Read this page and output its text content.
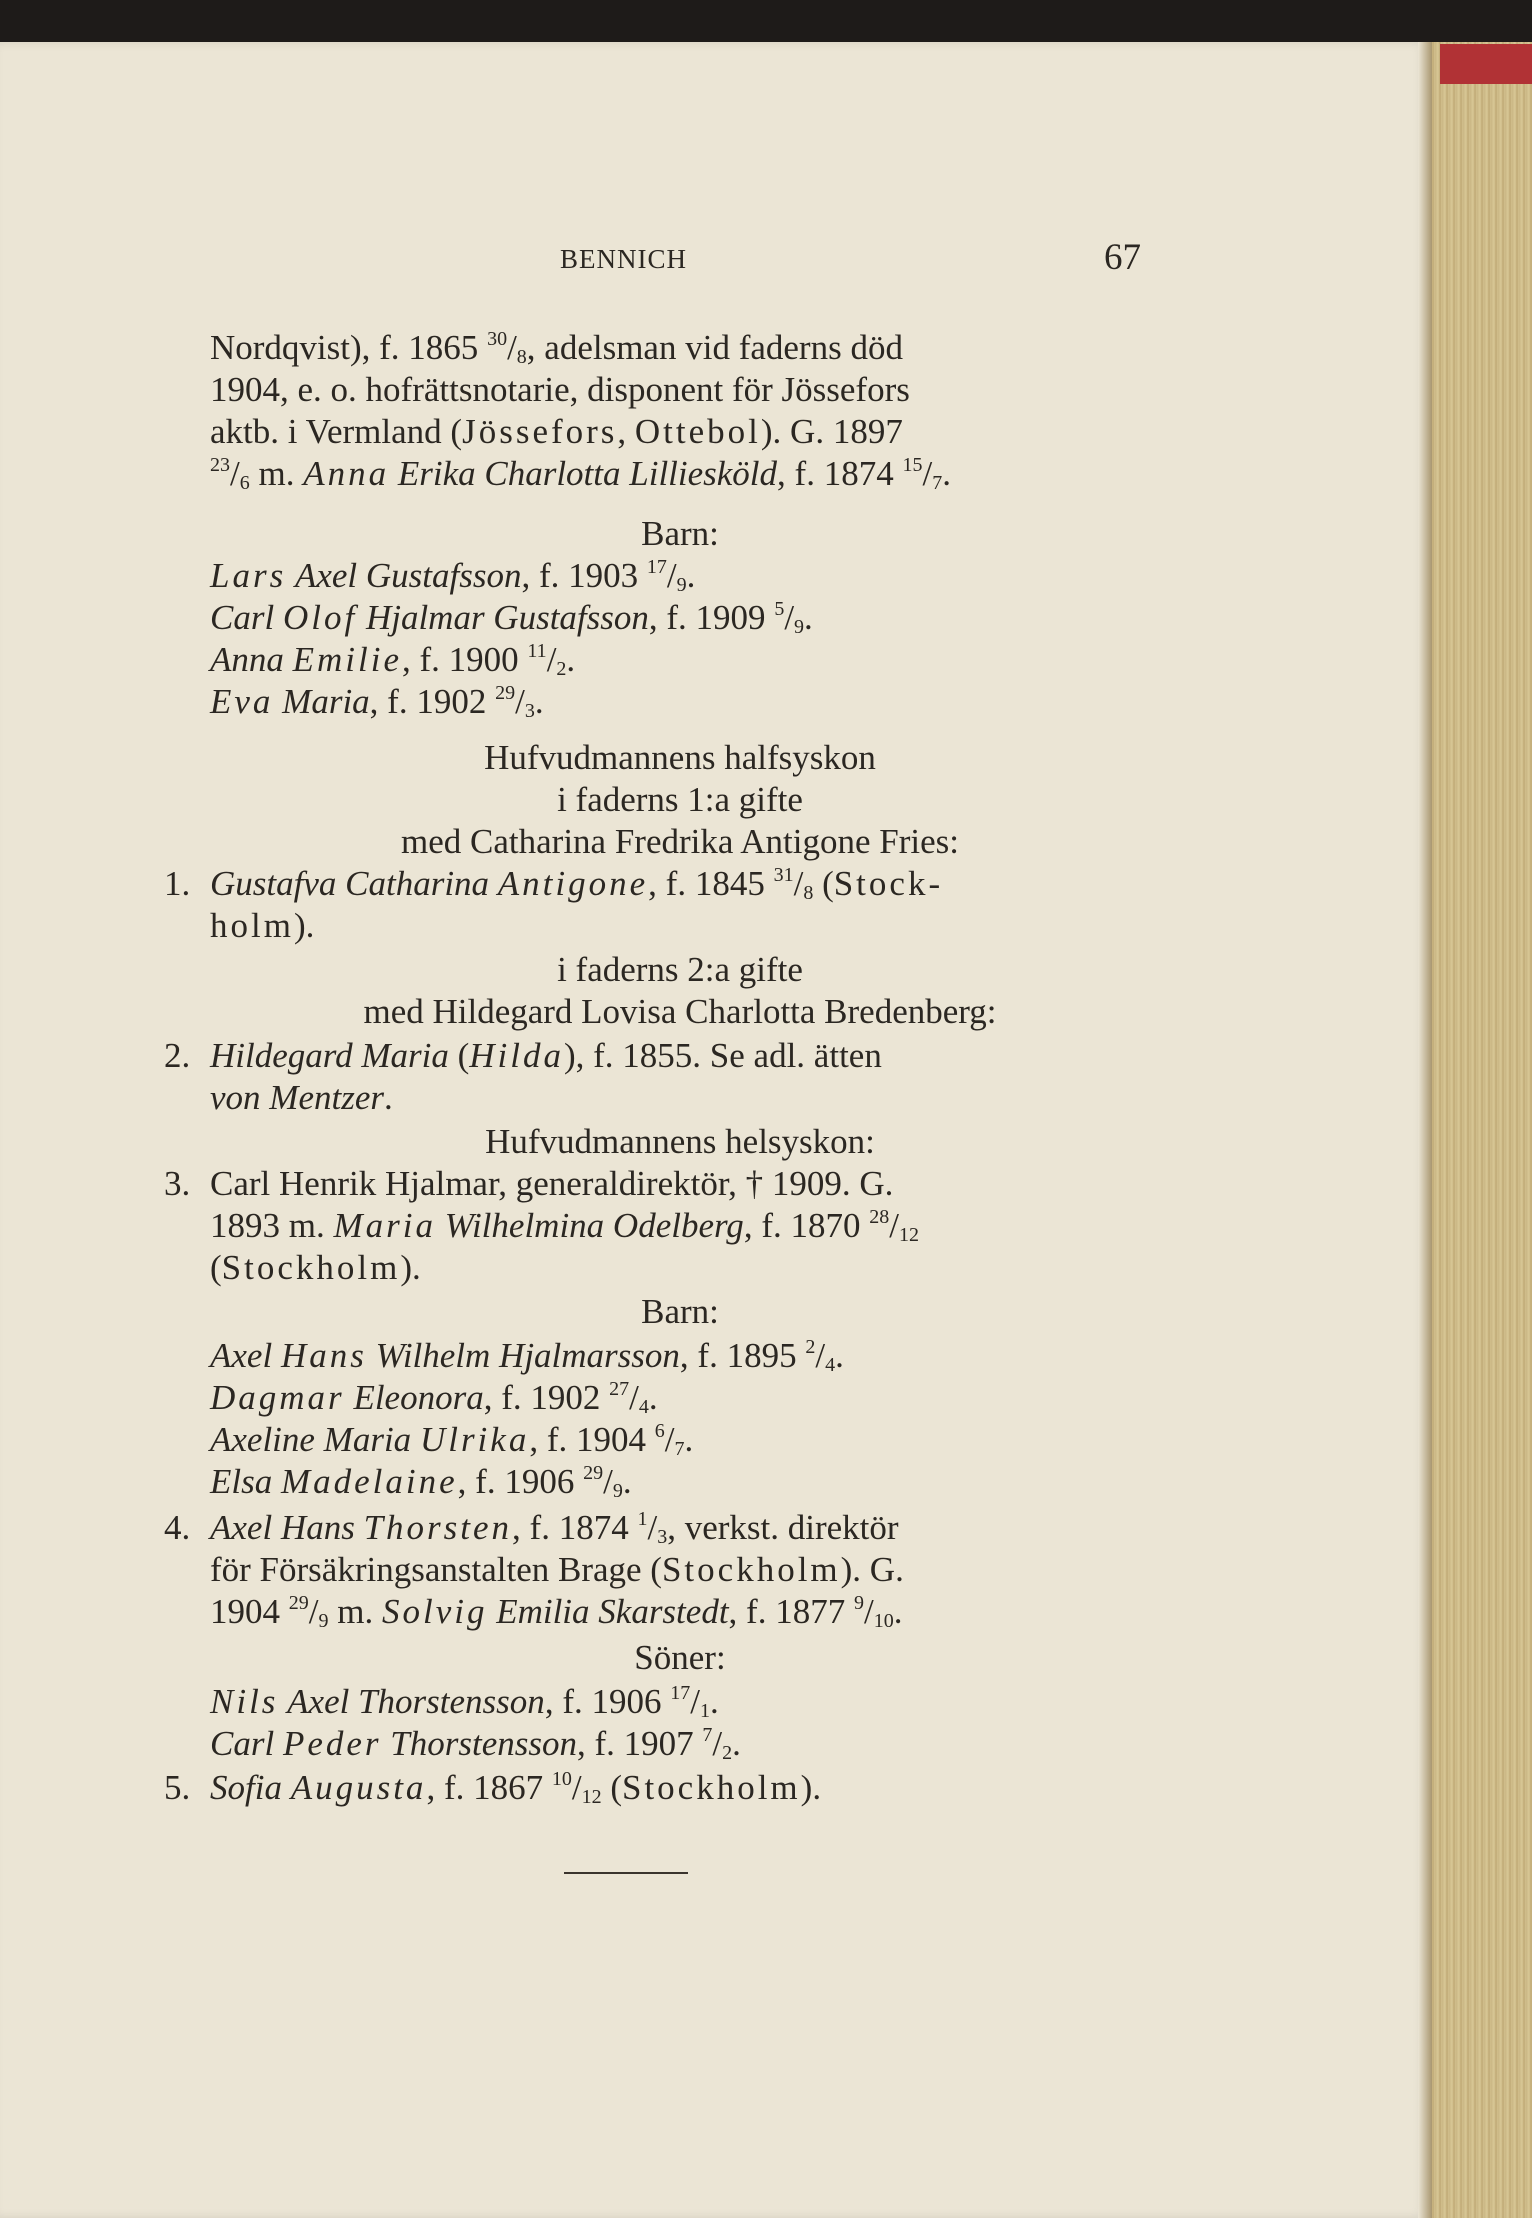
BENNICH	67
Nordqvist), f. 1865 $^{30}/_8$, adelsman vid faderns död
1904, e. o. hofrättsnotarie, disponent för Jössefors
aktb. i Vermland (Jössefors, Ottebol). G. 1897
$^{23}/_6$ m. Anna Erika Charlotta Lilliesköld, f. 1874 $^{15}/_7$.
Barn:
Lars Axel Gustafsson, f. 1903 $^{17}/_9$.
Carl Olof Hjalmar Gustafsson, f. 1909 $^5/_9$.
Anna Emilie, f. 1900 $^{11}/_2$.
Eva Maria, f. 1902 $^{29}/_3$.
Hufvudmannens halfsyskon
i faderns 1:a gifte
med Catharina Fredrika Antigone Fries:
1. Gustafva Catharina Antigone, f. 1845 $^{31}/_8$ (Stock-
holm).
i faderns 2:a gifte
med Hildegard Lovisa Charlotta Bredenberg:
2. Hildegard Maria (Hilda), f. 1855. Se adl. ätten
von Mentzer.
Hufvudmannens helsyskon:
3. Carl Henrik Hjalmar, generaldirektör, † 1909. G.
1893 m. Maria Wilhelmina Odelberg, f. 1870 $^{28}/_{12}$
(Stockholm).
Barn:
Axel Hans Wilhelm Hjalmarsson, f. 1895 $^2/_4$.
Dagmar Eleonora, f. 1902 $^{27}/_4$.
Axeline Maria Ulrika, f. 1904 $^6/_7$.
Elsa Madelaine, f. 1906 $^{29}/_9$.
4. Axel Hans Thorsten, f. 1874 $^1/_3$, verkst. direktör
för Försäkringsanstalten Brage (Stockholm). G.
1904 $^{29}/_9$ m. Solvig Emilia Skarstedt, f. 1877 $^9/_{10}$.
Söner:
Nils Axel Thorstensson, f. 1906 $^{17}/_1$.
Carl Peder Thorstensson, f. 1907 $^7/_2$.
5. Sofia Augusta, f. 1867 $^{10}/_{12}$ (Stockholm).
